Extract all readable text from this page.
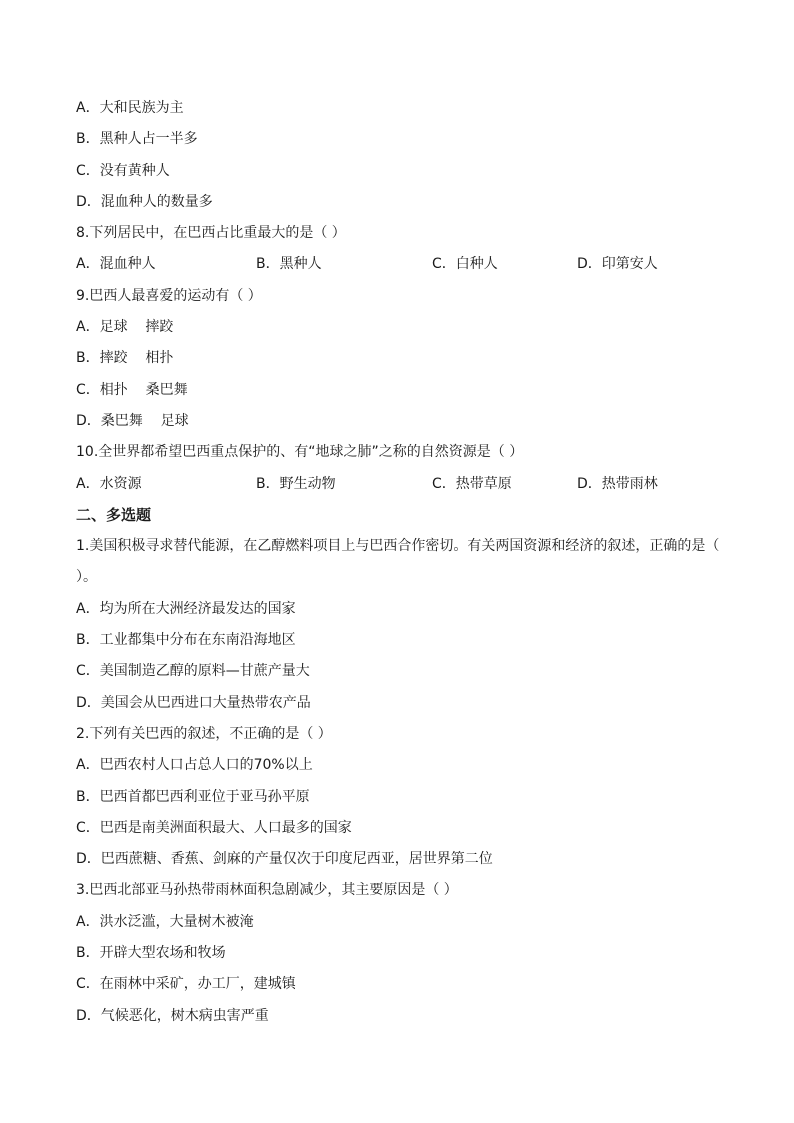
A．大和民族为主
B．黑种人占一半多
C．没有黄种人
D．混血种人的数量多
8.下列居民中，在巴西占比重最大的是（ ）
A．混血种人	B．黑种人	C．白种人	D．印第安人
9.巴西人最喜爱的运动有（ ）
A．足球    摔跤
B．摔跤    相扑
C．相扑    桑巴舞
D．桑巴舞    足球
10.全世界都希望巴西重点保护的、有“地球之肺”之称的自然资源是（ ）
A．水资源	B．野生动物	C．热带草原	D．热带雨林
二、多选题
1.美国积极寻求替代能源，在乙醇燃料项目上与巴西合作密切。有关两国资源和经济的叙述，正确的是（ ）。
A．均为所在大洲经济最发达的国家
B．工业都集中分布在东南沿海地区
C．美国制造乙醇的原料—甘蔗产量大
D．美国会从巴西进口大量热带农产品
2.下列有关巴西的叙述，不正确的是（ ）
A．巴西农村人口占总人口的70%以上
B．巴西首都巴西利亚位于亚马孙平原
C．巴西是南美洲面积最大、人口最多的国家
D．巴西蔗糖、香蕉、剑麻的产量仅次于印度尼西亚，居世界第二位
3.巴西北部亚马孙热带雨林面积急剧减少，其主要原因是（ ）
A．洪水泛滥，大量树木被淹
B．开辟大型农场和牧场
C．在雨林中采矿，办工厂，建城镇
D．气候恶化，树木病虫害严重
